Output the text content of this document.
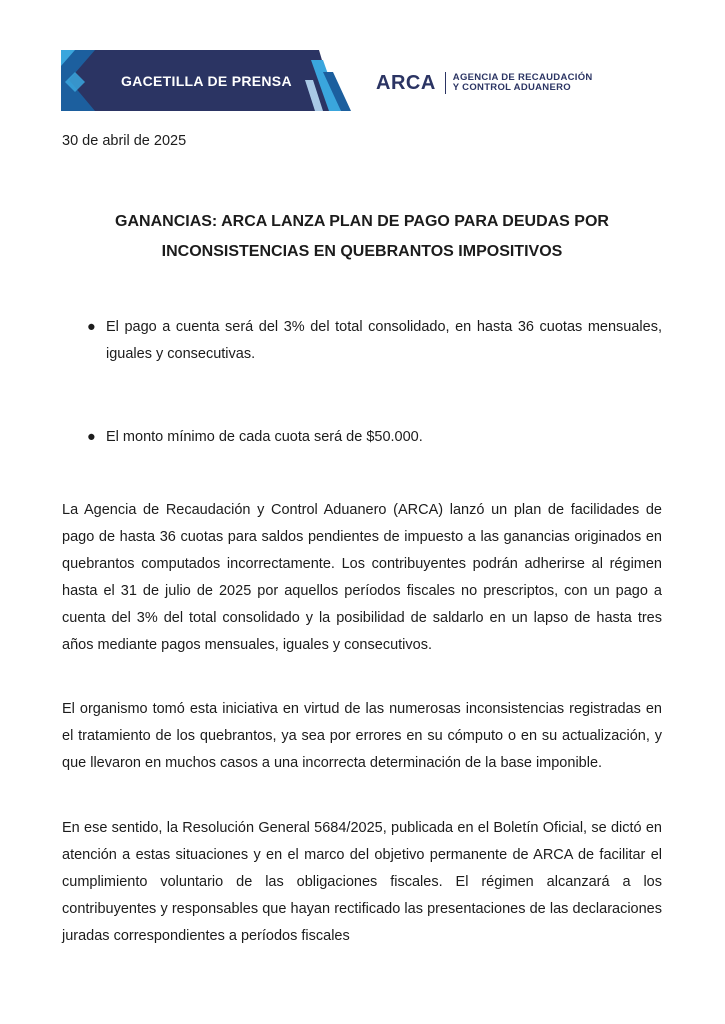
GACETILLA DE PRENSA	ARCA AGENCIA DE RECAUDACIÓN
Y CONTROL ADUANERO
30 de abril de 2025
GANANCIAS: ARCA LANZA PLAN DE PAGO PARA DEUDAS POR INCONSISTENCIAS EN QUEBRANTOS IMPOSITIVOS
● El pago a cuenta será del 3% del total consolidado, en hasta 36 cuotas mensuales, iguales y consecutivas.
● El monto mínimo de cada cuota será de $50.000.

La Agencia de Recaudación y Control Aduanero (ARCA) lanzó un plan de facilidades de pago de hasta 36 cuotas para saldos pendientes de impuesto a las ganancias originados en quebrantos computados incorrectamente. Los contribuyentes podrán adherirse al régimen hasta el 31 de julio de 2025 por aquellos períodos fiscales no prescriptos, con un pago a cuenta del 3% del total consolidado y la posibilidad de saldarlo en un lapso de hasta tres años mediante pagos mensuales, iguales y consecutivos.

El organismo tomó esta iniciativa en virtud de las numerosas inconsistencias registradas en el tratamiento de los quebrantos, ya sea por errores en su cómputo o en su actualización, y que llevaron en muchos casos a una incorrecta determinación de la base imponible.

En ese sentido, la Resolución General 5684/2025, publicada en el Boletín Oficial, se dictó en atención a estas situaciones y en el marco del objetivo permanente de ARCA de facilitar el cumplimiento voluntario de las obligaciones fiscales. El régimen alcanzará a los contribuyentes y responsables que hayan rectificado las presentaciones de las declaraciones juradas correspondientes a períodos fiscales
